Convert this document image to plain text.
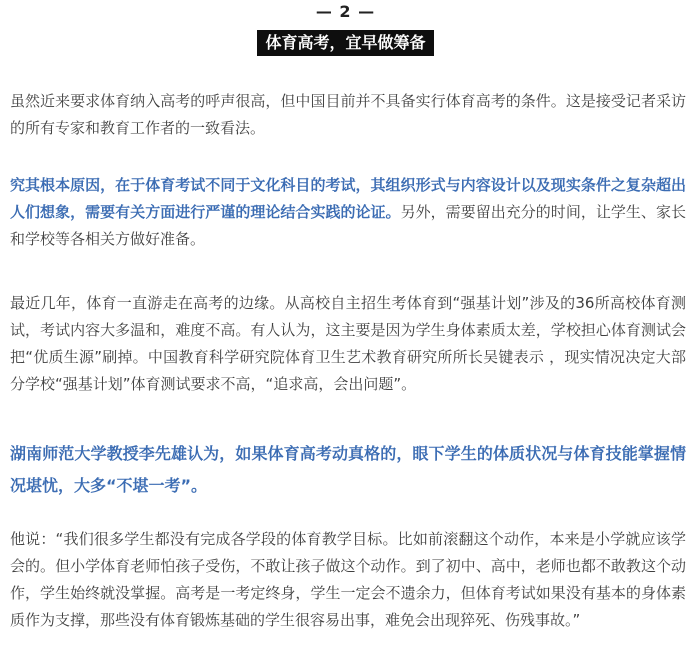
— 2 —
体育高考，宜早做筹备

虽然近来要求体育纳入高考的呼声很高，但中国目前并不具备实行体育高考的条件。这是接受记者采访的所有专家和教育工作者的一致看法。

究其根本原因，在于体育考试不同于文化科目的考试，其组织形式与内容设计以及现实条件之复杂超出人们想象，需要有关方面进行严谨的理论结合实践的论证。另外，需要留出充分的时间，让学生、家长和学校等各相关方做好准备。

最近几年，体育一直游走在高考的边缘。从高校自主招生考体育到“强基计划”涉及的36所高校体育测试，考试内容大多温和，难度不高。有人认为，这主要是因为学生身体素质太差，学校担心体育测试会把“优质生源”刷掉。中国教育科学研究院体育卫生艺术教育研究所所长吴键表示 ，现实情况决定大部分学校“强基计划”体育测试要求不高，“追求高，会出问题”。

湖南师范大学教授李先雄认为，如果体育高考动真格的，眼下学生的体质状况与体育技能掌握情况堪忧，大多“不堪一考”。

他说：“我们很多学生都没有完成各学段的体育教学目标。比如前滚翻这个动作，本来是小学就应该学会的。但小学体育老师怕孩子受伤，不敢让孩子做这个动作。到了初中、高中，老师也都不敢教这个动作，学生始终就没掌握。高考是一考定终身，学生一定会不遗余力，但体育考试如果没有基本的身体素质作为支撑，那些没有体育锻炼基础的学生很容易出事，难免会出现猝死、伤残事故。”
